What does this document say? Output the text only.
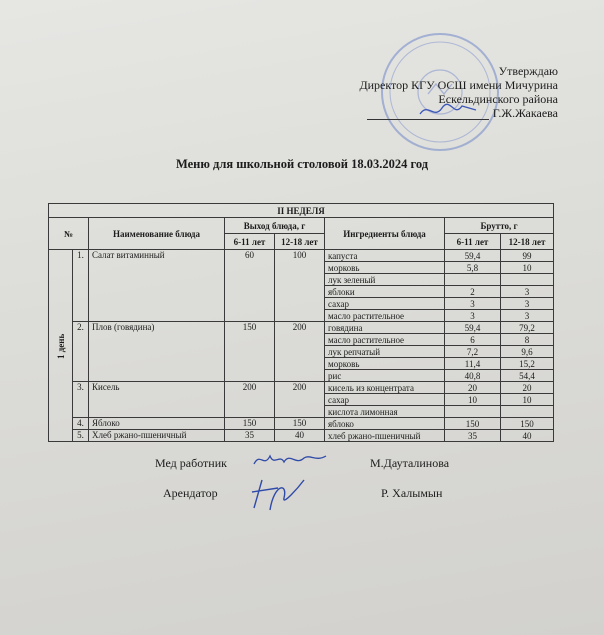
Утверждаю
Директор КГУ ОСШ имени Мичурина
Ескельдинского района
Г.Ж.Жакаева
Меню для школьной столовой 18.03.2024 год
II НЕДЕЛЯ							
№		Наименование блюда	Выход блюда, г		Ингредиенты блюда	Брутто, г	
			6-11 лет	12-18 лет		6-11 лет	12-18 лет
1 день	1.	Салат витаминный	60	100	капуста	59,4	99
					морковь	5,8	10
					лук зеленый		
					яблоки	2	3
					сахар	3	3
					масло растительное	3	3
	2.	Плов (говядина)	150	200	говядина	59,4	79,2
					масло растительное	6	8
					лук репчатый	7,2	9,6
					морковь	11,4	15,2
					рис	40,8	54,4
	3.	Кисель	200	200	кисель из концентрата	20	20
					сахар	10	10
					кислота лимонная		
	4.	Яблоко	150	150	яблоко	150	150
	5.	Хлеб ржано-пшеничный	35	40	хлеб ржано-пшеничный	35	40
Мед работник	М.Дауталинова
Арендатор	Р. Халымын
